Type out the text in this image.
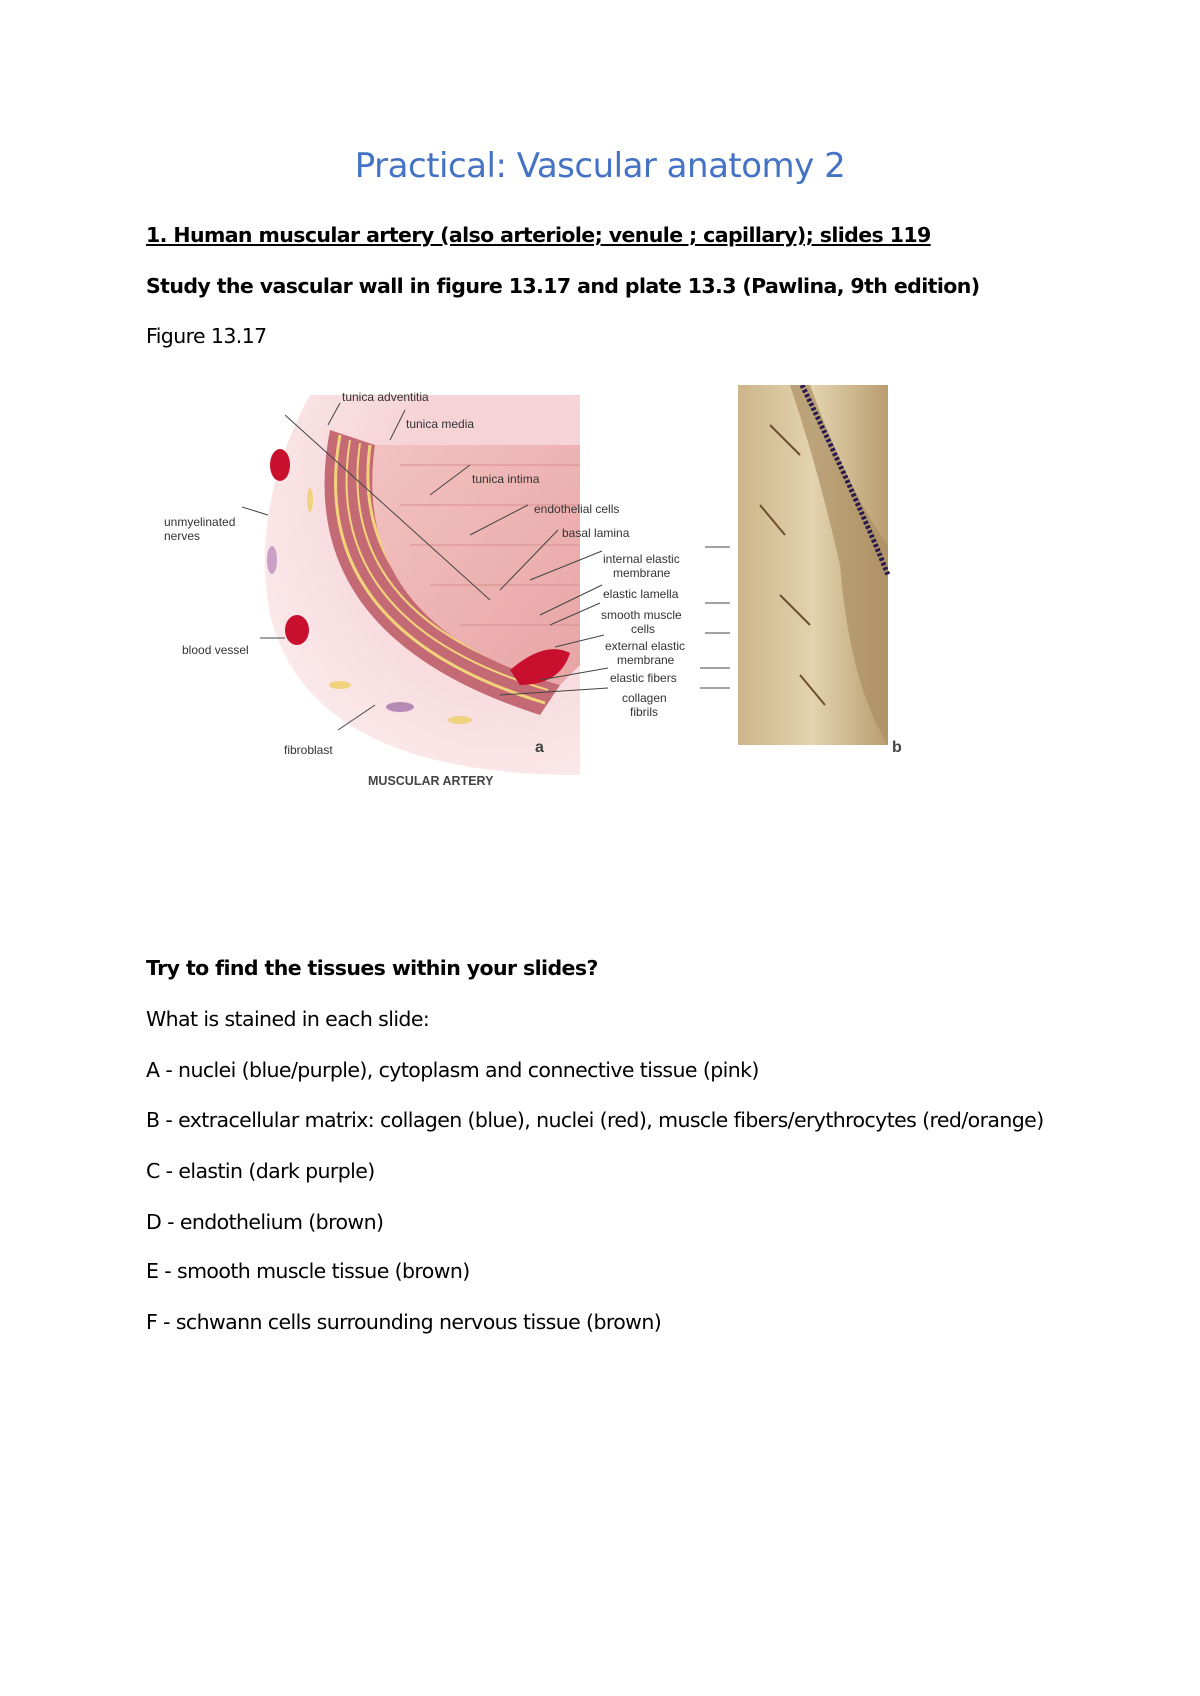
Practical: Vascular anatomy 2
1. Human muscular artery (also arteriole; venule ; capillary); slides 119
Study the vascular wall in figure 13.17 and plate 13.3 (Pawlina, 9th edition)
Figure 13.17
tunica adventitia
tunica media
tunica intima
endothelial cells
basal lamina
unmyelinated
nerves
internal elastic
membrane
elastic lamella
smooth muscle
cells
blood vessel	external elastic
membrane
elastic fibers
collagen
fibrils
fibroblast	a	b
MUSCULAR ARTERY
Try to find the tissues within your slides?
What is stained in each slide:
A - nuclei (blue/purple), cytoplasm and connective tissue (pink)
B - extracellular matrix: collagen (blue), nuclei (red), muscle fibers/erythrocytes (red/orange)
C - elastin (dark purple)
D - endothelium (brown)
E - smooth muscle tissue (brown)
F - schwann cells surrounding nervous tissue (brown)
